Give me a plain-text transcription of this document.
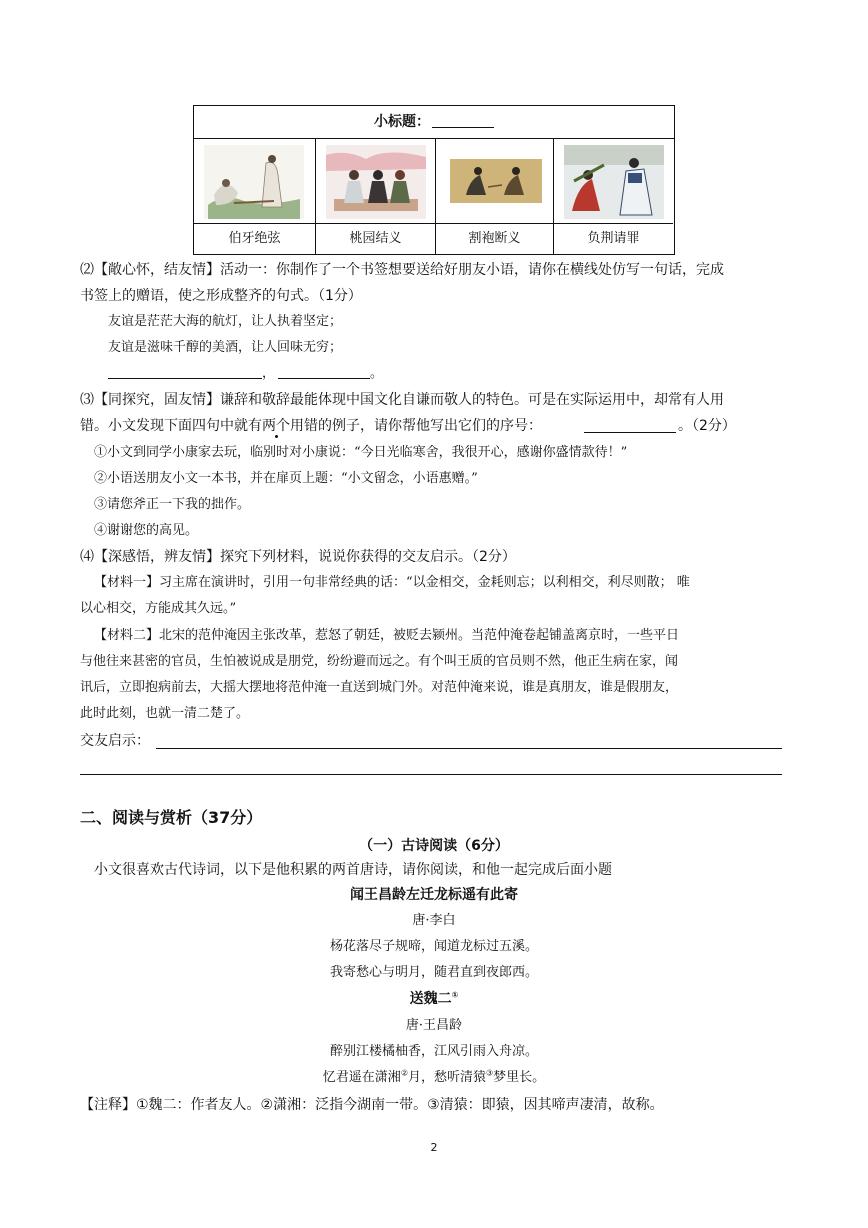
小标题：
伯牙绝弦	桃园结义	割袍断义	负荆请罪
⑵【敞心怀，结友情】活动一：你制作了一个书签想要送给好朋友小语，请你在横线处仿写一句话，完成
书签上的赠语，使之形成整齐的句式。（1分）
友谊是茫茫大海的航灯，让人执着坚定；
友谊是滋味千醇的美酒，让人回味无穷；
，	。
⑶【同探究，固友情】谦辞和敬辞最能体现中国文化自谦而敬人的特色。可是在实际运用中，却常有人用
错。小文发现下面四句中就有两个用错的例子，请你帮他写出它们的序号：	。（2分）
①小文到同学小康家去玩，临别时对小康说：“今日光临寒舍，我很开心，感谢你盛情款待！”
②小语送朋友小文一本书，并在扉页上题：“小文留念，小语惠赠。”
③请您斧正一下我的拙作。
④谢谢您的高见。
⑷【深感悟，辨友情】探究下列材料，说说你获得的交友启示。（2分）
【材料一】习主席在演讲时，引用一句非常经典的话：“以金相交，金耗则忘；以利相交，利尽则散； 唯
以心相交，方能成其久远。”
【材料二】北宋的范仲淹因主张改革，惹怒了朝廷，被贬去颍州。当范仲淹卷起铺盖离京时，一些平日
与他往来甚密的官员，生怕被说成是朋党，纷纷避而远之。有个叫王质的官员则不然，他正生病在家，闻
讯后，立即抱病前去，大摇大摆地将范仲淹一直送到城门外。对范仲淹来说，谁是真朋友，谁是假朋友，
此时此刻，也就一清二楚了。
交友启示：
二、阅读与赏析（37分）
（一）古诗阅读（6分）
小文很喜欢古代诗词，以下是他积累的两首唐诗，请你阅读，和他一起完成后面小题
闻王昌龄左迁龙标遥有此寄
唐·李白
杨花落尽子规啼，闻道龙标过五溪。
我寄愁心与明月，随君直到夜郎西。
送魏二①
唐·王昌龄
醉别江楼橘柚香，江风引雨入舟凉。
忆君遥在潇湘②月，愁听清猿③梦里长。
【注释】①魏二：作者友人。②潇湘：泛指今湖南一带。③清猿：即猿，因其啼声凄清，故称。
2
